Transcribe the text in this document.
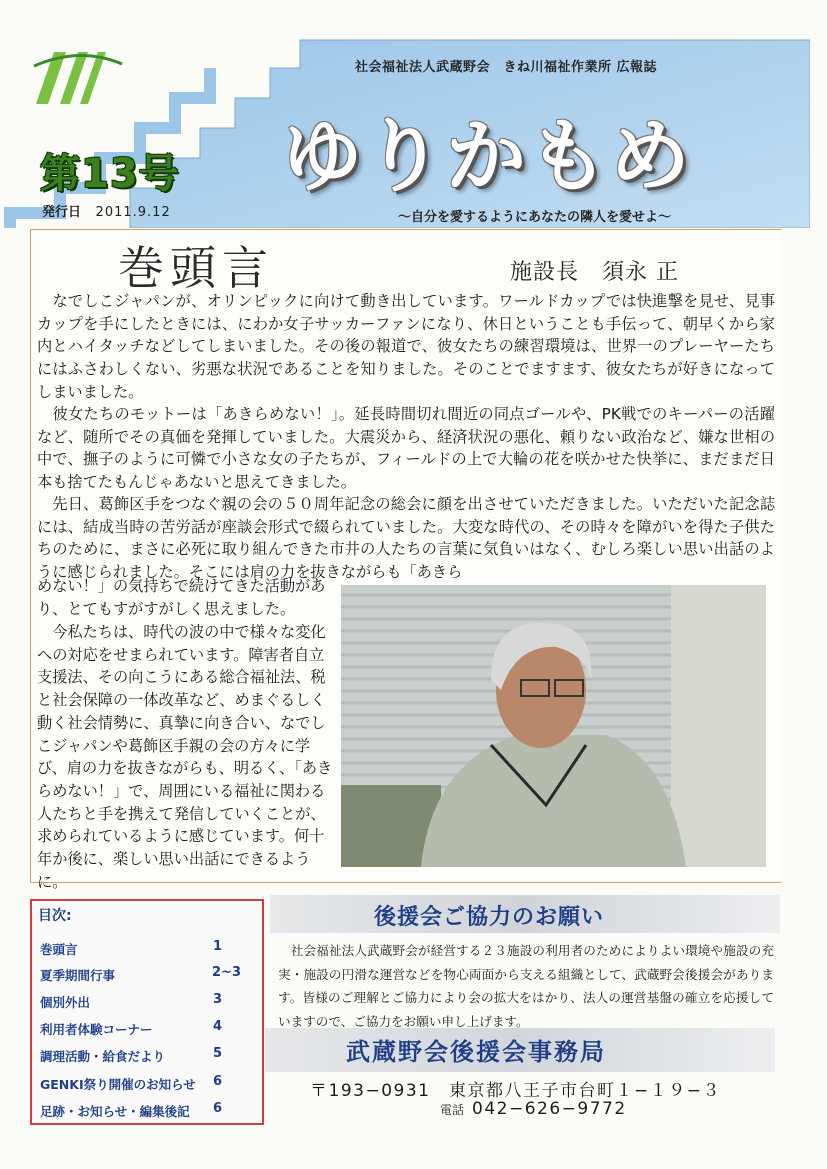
社会福祉法人武蔵野会　きね川福祉作業所 広報誌
第13号
発行日 2011.9.12
ゆりかもめ
～自分を愛するようにあなたの隣人を愛せよ～
巻頭言	施設長　須永 正

　なでしこジャパンが、オリンピックに向けて動き出しています。ワールドカップでは快進撃を見せ、見事カップを手にしたときには、にわか女子サッカーファンになり、休日ということも手伝って、朝早くから家内とハイタッチなどしてしまいました。その後の報道で、彼女たちの練習環境は、世界一のプレーヤーたちにはふさわしくない、劣悪な状況であることを知りました。そのことでますます、彼女たちが好きになってしまいました。

　彼女たちのモットーは「あきらめない！」。延長時間切れ間近の同点ゴールや、PK戦でのキーパーの活躍など、随所でその真価を発揮していました。大震災から、経済状況の悪化、頼りない政治など、嫌な世相の中で、撫子のように可憐で小さな女の子たちが、フィールドの上で大輪の花を咲かせた快挙に、まだまだ日本も捨てたもんじゃあないと思えてきました。

　先日、葛飾区手をつなぐ親の会の５０周年記念の総会に顔を出させていただきました。いただいた記念誌には、結成当時の苦労話が座談会形式で綴られていました。大変な時代の、その時々を障がいを得た子供たちのために、まさに必死に取り組んできた市井の人たちの言葉に気負いはなく、むしろ楽しい思い出話のように感じられました。そこには肩の力を抜きながらも「あきら

めない！」の気持ちで続けてきた活動があり、とてもすがすがしく思えました。

　今私たちは、時代の波の中で様々な変化への対応をせまられています。障害者自立支援法、その向こうにある総合福祉法、税と社会保障の一体改革など、めまぐるしく動く社会情勢に、真摯に向き合い、なでしこジャパンや葛飾区手親の会の方々に学び、肩の力を抜きながらも、明るく、「あきらめない！」で、周囲にいる福祉に関わる人たちと手を携えて発信していくことが、求められているように感じています。何十年か後に、楽しい思い出話にできるように。

目次:
巻頭言	1
夏季期間行事	2~3
個別外出	3
利用者体験コーナー	4
調理活動・給食だより	5
GENKI祭り開催のお知らせ 6
足跡・お知らせ・編集後記 6
後援会ご協力のお願い

　社会福祉法人武蔵野会が経営する２３施設の利用者のためによりよい環境や施設の充実・施設の円滑な運営などを物心両面から支える組織として、武蔵野会後援会があります。皆様のご理解とご協力により会の拡大をはかり、法人の運営基盤の確立を応援していますので、ご協力をお願い申し上げます。

武蔵野会後援会事務局
〒193−0931　東京都八王子市台町１−１９−３
電話 042−626−9772
